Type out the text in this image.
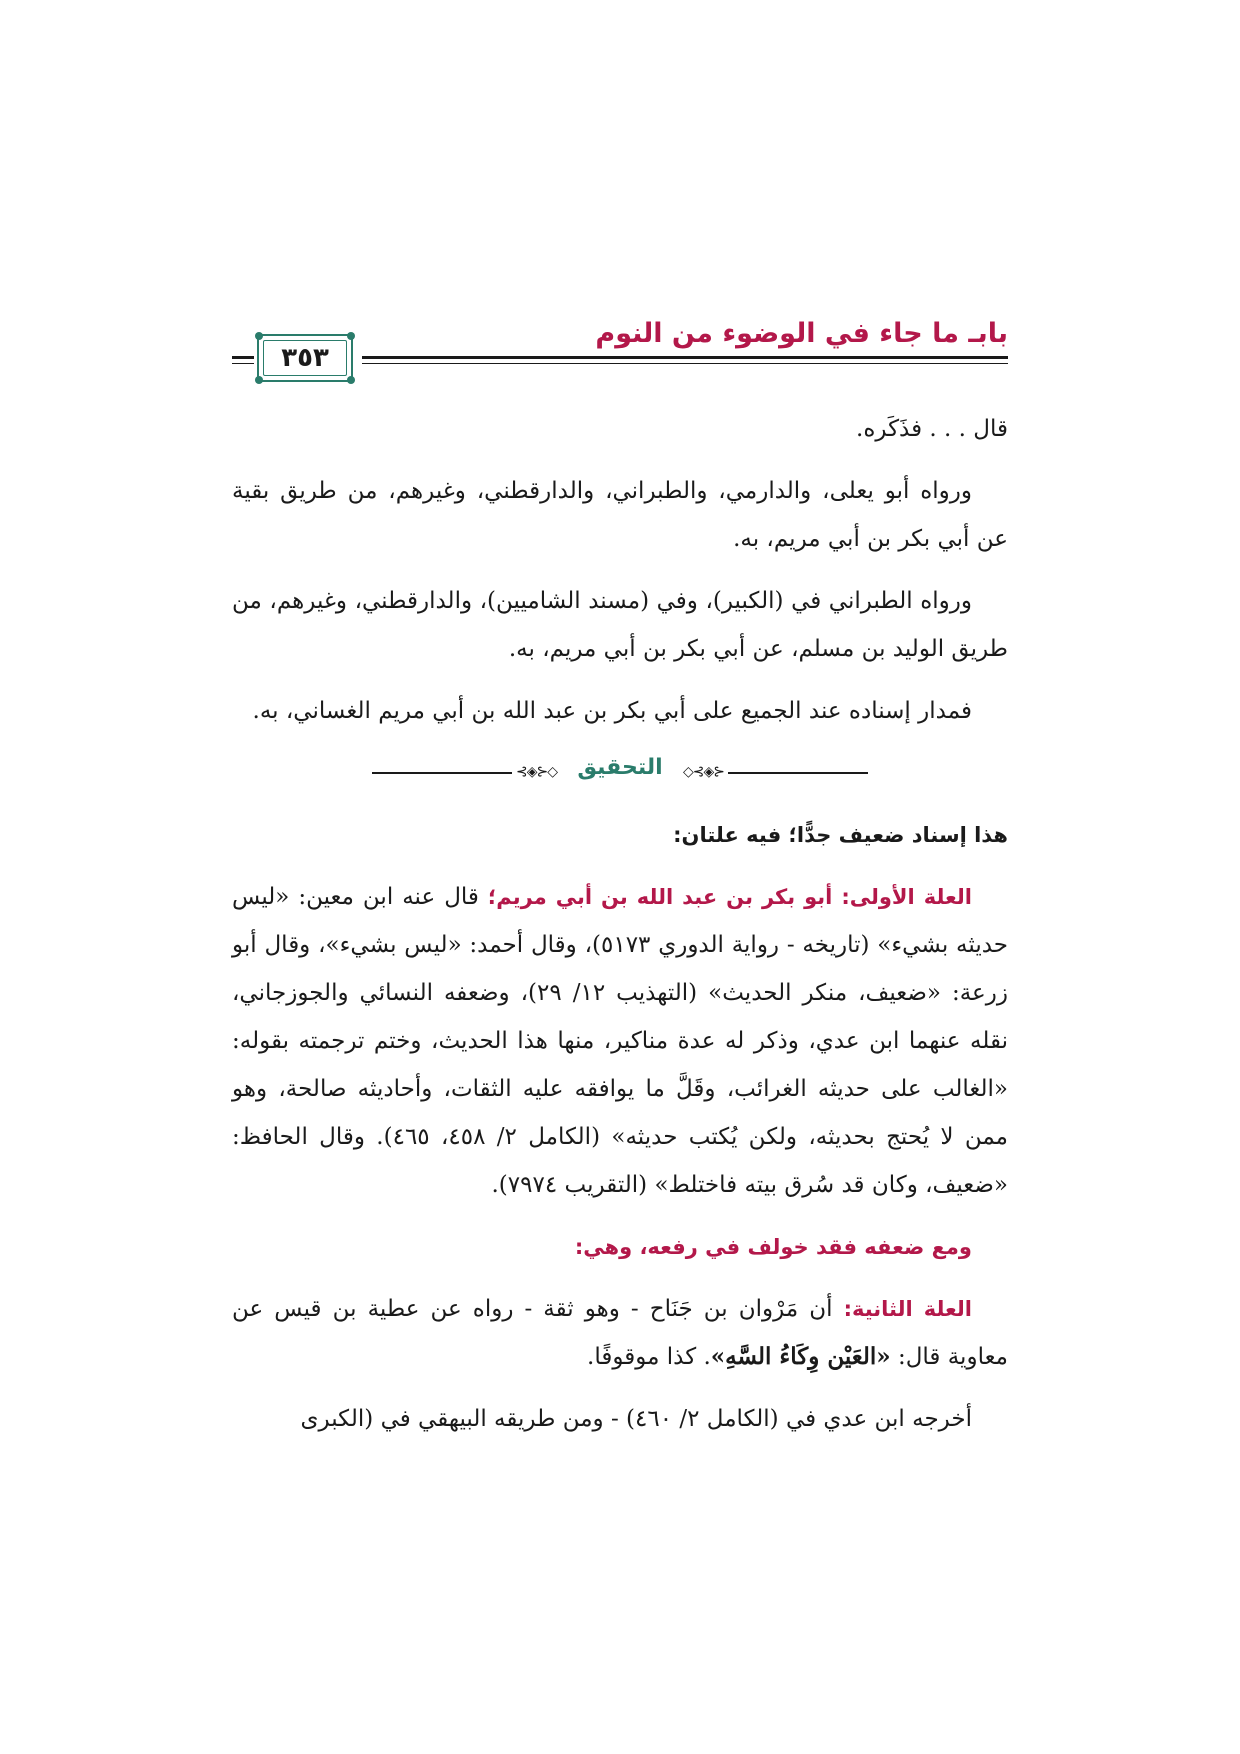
بابـ ما جاء في الوضوء من النوم
٣٥٣

قال . . . فذَكَره.

ورواه أبو يعلى، والدارمي، والطبراني، والدارقطني، وغيرهم، من طريق بقية عن أبي بكر بن أبي مريم، به.

ورواه الطبراني في (الكبير)، وفي (مسند الشاميين)، والدارقطني، وغيرهم، من طريق الوليد بن مسلم، عن أبي بكر بن أبي مريم، به.

فمدار إسناده عند الجميع على أبي بكر بن عبد الله بن أبي مريم الغساني، به.

◇⊰◈⊱	⊰◈⊱◇
التحقيق

هذا إسناد ضعيف جدًّا؛ فيه علتان:

العلة الأولى: أبو بكر بن عبد الله بن أبي مريم؛ قال عنه ابن معين: «ليس حديثه بشيء» (تاريخه - رواية الدوري ٥١٧٣)، وقال أحمد: «ليس بشيء»، وقال أبو زرعة: «ضعيف، منكر الحديث» (التهذيب ١٢/ ٢٩)، وضعفه النسائي والجوزجاني، نقله عنهما ابن عدي، وذكر له عدة مناكير، منها هذا الحديث، وختم ترجمته بقوله: «الغالب على حديثه الغرائب، وقَلَّ ما يوافقه عليه الثقات، وأحاديثه صالحة، وهو ممن لا يُحتج بحديثه، ولكن يُكتب حديثه» (الكامل ٢/ ٤٥٨، ٤٦٥). وقال الحافظ: «ضعيف، وكان قد سُرق بيته فاختلط» (التقريب ٧٩٧٤).

ومع ضعفه فقد خولف في رفعه، وهي:

العلة الثانية: أن مَرْوان بن جَنَاح - وهو ثقة - رواه عن عطية بن قيس عن معاوية قال: «العَيْن وِكَاءُ السَّهِ». كذا موقوفًا.

أخرجه ابن عدي في (الكامل ٢/ ٤٦٠) - ومن طريقه البيهقي في (الكبرى
